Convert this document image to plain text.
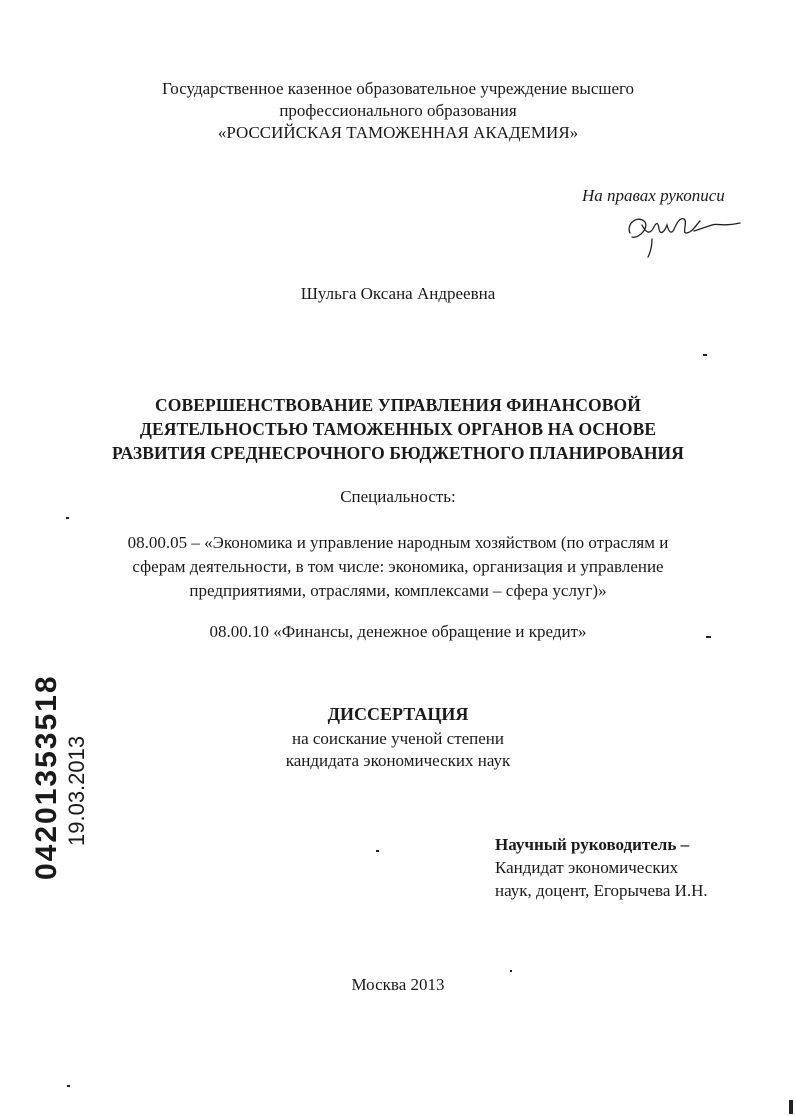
Государственное казенное образовательное учреждение высшего
профессионального образования
«РОССИЙСКАЯ ТАМОЖЕННАЯ АКАДЕМИЯ»
На правах рукописи
Шульга Оксана Андреевна
СОВЕРШЕНСТВОВАНИЕ УПРАВЛЕНИЯ ФИНАНСОВОЙ
ДЕЯТЕЛЬНОСТЬЮ ТАМОЖЕННЫХ ОРГАНОВ НА ОСНОВЕ
РАЗВИТИЯ СРЕДНЕСРОЧНОГО БЮДЖЕТНОГО ПЛАНИРОВАНИЯ
Специальность:
08.00.05 – «Экономика и управление народным хозяйством (по отраслям и
сферам деятельности, в том числе: экономика, организация и управление
предприятиями, отраслями, комплексами – сфера услуг)»
08.00.10 «Финансы, денежное обращение и кредит»
ДИССЕРТАЦИЯ
на соискание ученой степени
кандидата экономических наук
Научный руководитель –
Кандидат экономических
наук, доцент, Егорычева И.Н.
Москва 2013
04201353518 19.03.2013
